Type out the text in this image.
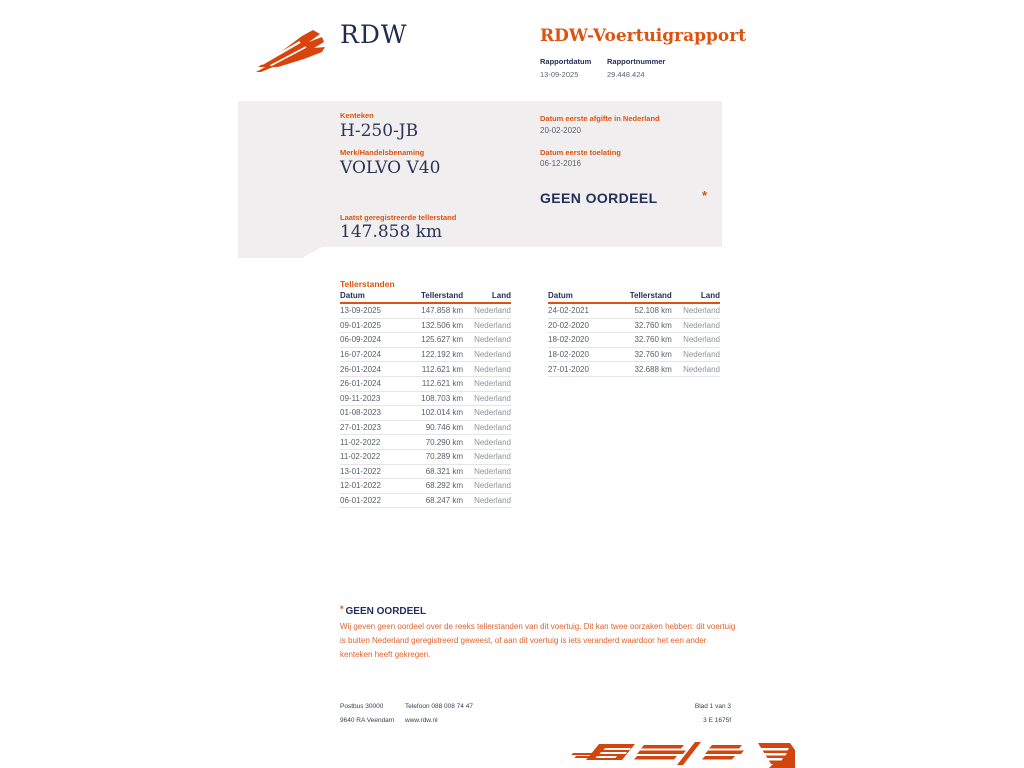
RDW	RDW-Voertuigrapport
Rapportdatum
13-09-2025
Rapportnummer
29.448.424
Kenteken
H-250-JB
Merk/Handelsbenaming
VOLVO V40
Laatst geregistreerde tellerstand
147.858 km
Datum eerste afgifte in Nederland
20-02-2020
Datum eerste toelating
06-12-2016
GEEN OORDEEL	*
Tellerstanden
Datum	Tellerstand	Land
13-09-2025	147.858 km	Nederland
09-01-2025	132.506 km	Nederland
06-09-2024	125.627 km	Nederland
16-07-2024	122.192 km	Nederland
26-01-2024	112.621 km	Nederland
26-01-2024	112.621 km	Nederland
09-11-2023	108.703 km	Nederland
01-08-2023	102.014 km	Nederland
27-01-2023	90.746 km	Nederland
11-02-2022	70.290 km	Nederland
11-02-2022	70.289 km	Nederland
13-01-2022	68.321 km	Nederland
12-01-2022	68.292 km	Nederland
06-01-2022	68.247 km	Nederland
Datum	Tellerstand	Land
24-02-2021	52.108 km	Nederland
20-02-2020	32.760 km	Nederland
18-02-2020	32.760 km	Nederland
18-02-2020	32.760 km	Nederland
27-01-2020	32.688 km	Nederland
* GEEN OORDEEL
Wij geven geen oordeel over de reeks tellerstanden van dit voertuig. Dit kan twee oorzaken hebben: dit voertuig is buiten Nederland geregistreerd geweest, of aan dit voertuig is iets veranderd waardoor het een ander kenteken heeft gekregen.
Postbus 30000
9640 RA Veendam
Telefoon 088 008 74 47
www.rdw.nl
Blad 1 van 3
3 E 1675f
